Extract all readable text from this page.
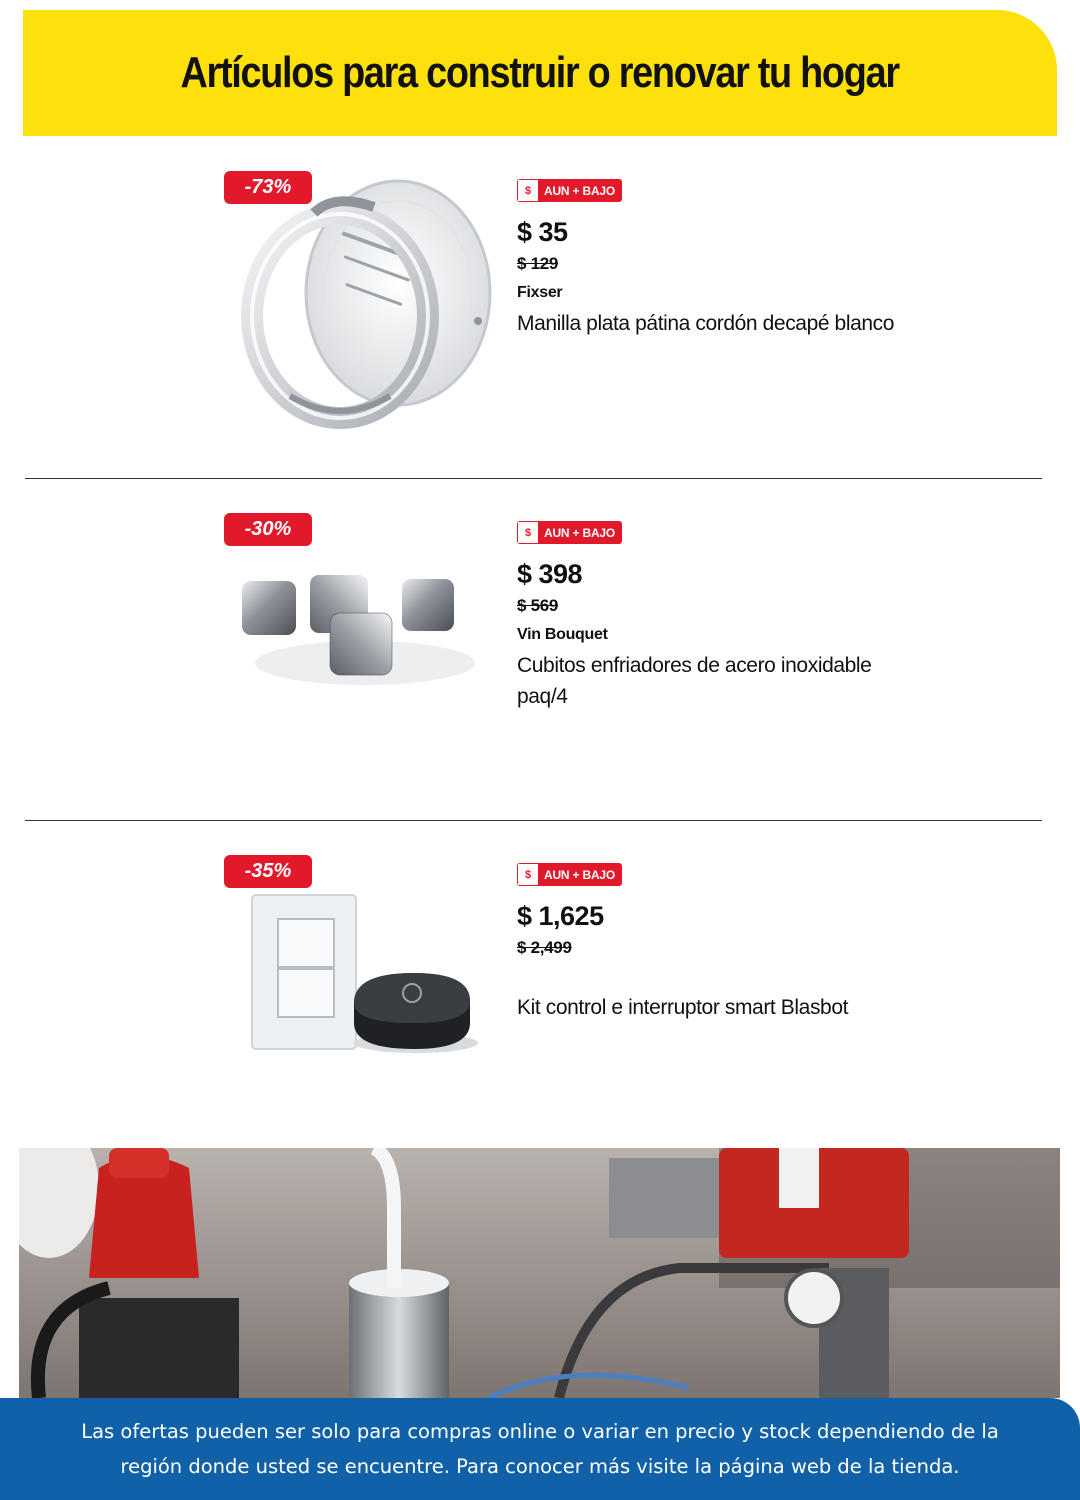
Artículos para construir o renovar tu hogar
-73%	$	AUN + BAJO
$ 35
$ 129
Fixser
Manilla plata pátina cordón decapé blanco
-30%	$	AUN + BAJO
$ 398
$ 569
Vin Bouquet
Cubitos enfriadores de acero inoxidable paq/4
-35%	$	AUN + BAJO
$ 1,625
$ 2,499
Kit control e interruptor smart Blasbot

Las ofertas pueden ser solo para compras online o variar en precio y stock dependiendo de la región donde usted se encuentre. Para conocer más visite la página web de la tienda.
